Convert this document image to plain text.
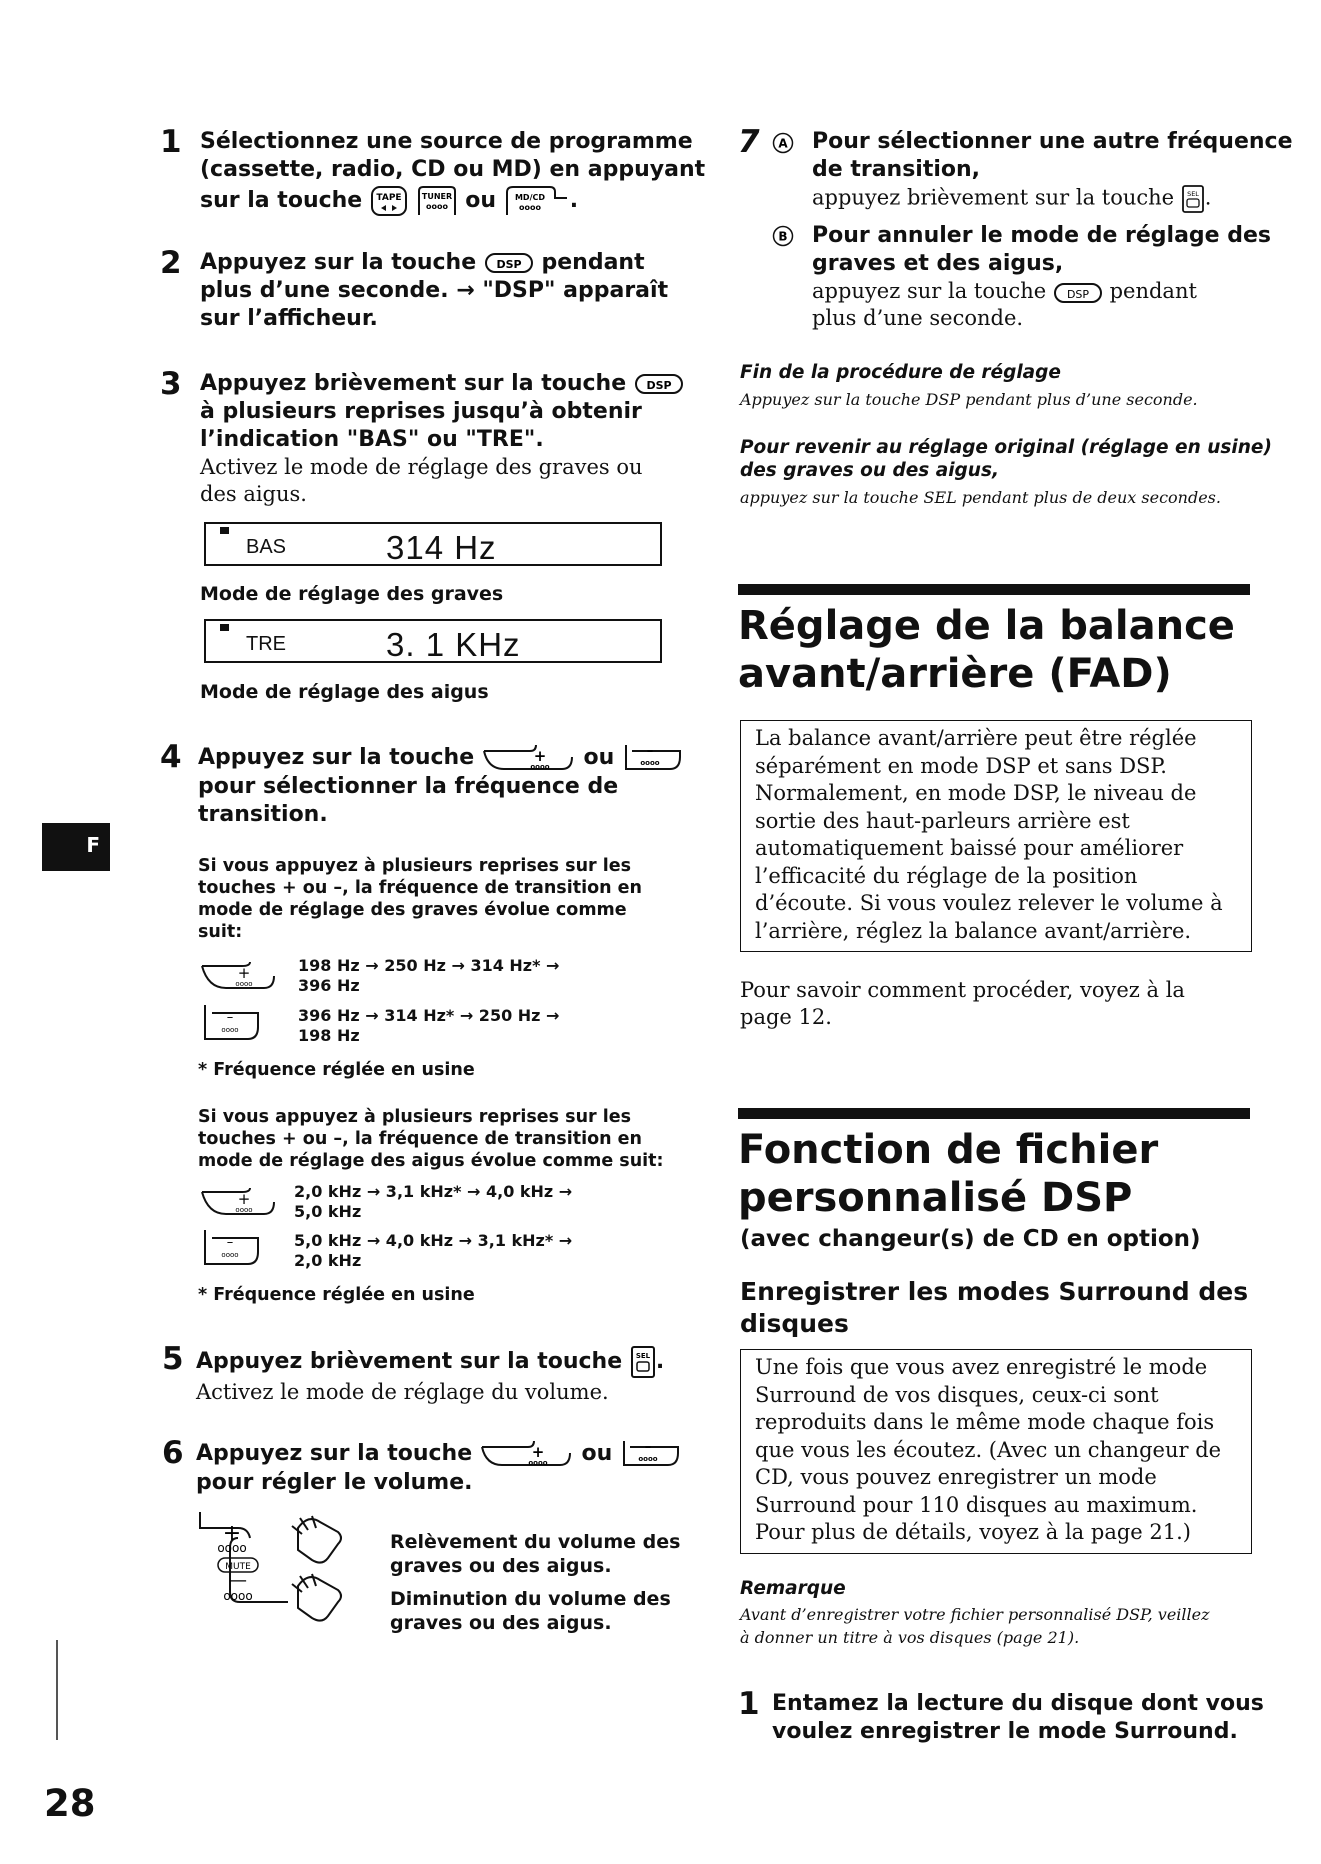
F
28
1 Sélectionnez une source de programme
(cassette, radio, CD ou MD) en appuyant
sur la touche TAPE
TUNER
oooo ou MD/CD
oooo .
2 Appuyez sur la touche DSP pendant
plus d’une seconde. → "DSP" apparaît
sur l’afficheur.
3 Appuyez brièvement sur la touche DSP
à plusieurs reprises jusqu’à obtenir
l’indication "BAS" ou "TRE".
Activez le mode de réglage des graves ou
des aigus.
BAS	314 Hz
Mode de réglage des graves
TRE	3. 1 KHz
Mode de réglage des aigus
4 Appuyez sur la touche	+
oooo ou –
oooo
pour sélectionner la fréquence de
transition.
Si vous appuyez à plusieurs reprises sur les
touches + ou –, la fréquence de transition en
mode de réglage des graves évolue comme
suit:
+
oooo
198 Hz → 250 Hz → 314 Hz* →
396 Hz
–
oooo
396 Hz → 314 Hz* → 250 Hz →
198 Hz
* Fréquence réglée en usine
Si vous appuyez à plusieurs reprises sur les
touches + ou –, la fréquence de transition en
mode de réglage des aigus évolue comme suit:
+
oooo
2,0 kHz → 3,1 kHz* → 4,0 kHz →
5,0 kHz
–
oooo
5,0 kHz → 4,0 kHz → 3,1 kHz* →
2,0 kHz
* Fréquence réglée en usine
5 Appuyez brièvement sur la touche SEL .
Activez le mode de réglage du volume.
6 Appuyez sur la touche	+
oooo ou –
oooo
pour régler le volume.
+
oooo
MUTE
—
oooo
Relèvement du volume des
graves ou des aigus.
Diminution du volume des
graves ou des aigus.
7 A Pour sélectionner une autre fréquence
de transition,
appuyez brièvement sur la touche SEL .
B Pour annuler le mode de réglage des
graves et des aigus,
appuyez sur la touche DSP pendant
plus d’une seconde.
Fin de la procédure de réglage
Appuyez sur la touche DSP pendant plus d’une seconde.
Pour revenir au réglage original (réglage en usine)
des graves ou des aigus,
appuyez sur la touche SEL pendant plus de deux secondes.
Réglage de la balance
avant/arrière (FAD)
La balance avant/arrière peut être réglée
séparément en mode DSP et sans DSP.
Normalement, en mode DSP, le niveau de
sortie des haut-parleurs arrière est
automatiquement baissé pour améliorer
l’efficacité du réglage de la position
d’écoute. Si vous voulez relever le volume à
l’arrière, réglez la balance avant/arrière.
Pour savoir comment procéder, voyez à la
page 12.
Fonction de fichier
personnalisé DSP
(avec changeur(s) de CD en option)
Enregistrer les modes Surround des
disques
Une fois que vous avez enregistré le mode
Surround de vos disques, ceux-ci sont
reproduits dans le même mode chaque fois
que vous les écoutez. (Avec un changeur de
CD, vous pouvez enregistrer un mode
Surround pour 110 disques au maximum.
Pour plus de détails, voyez à la page 21.)
Remarque
Avant d’enregistrer votre fichier personnalisé DSP, veillez
à donner un titre à vos disques (page 21).
1 Entamez la lecture du disque dont vous
voulez enregistrer le mode Surround.
